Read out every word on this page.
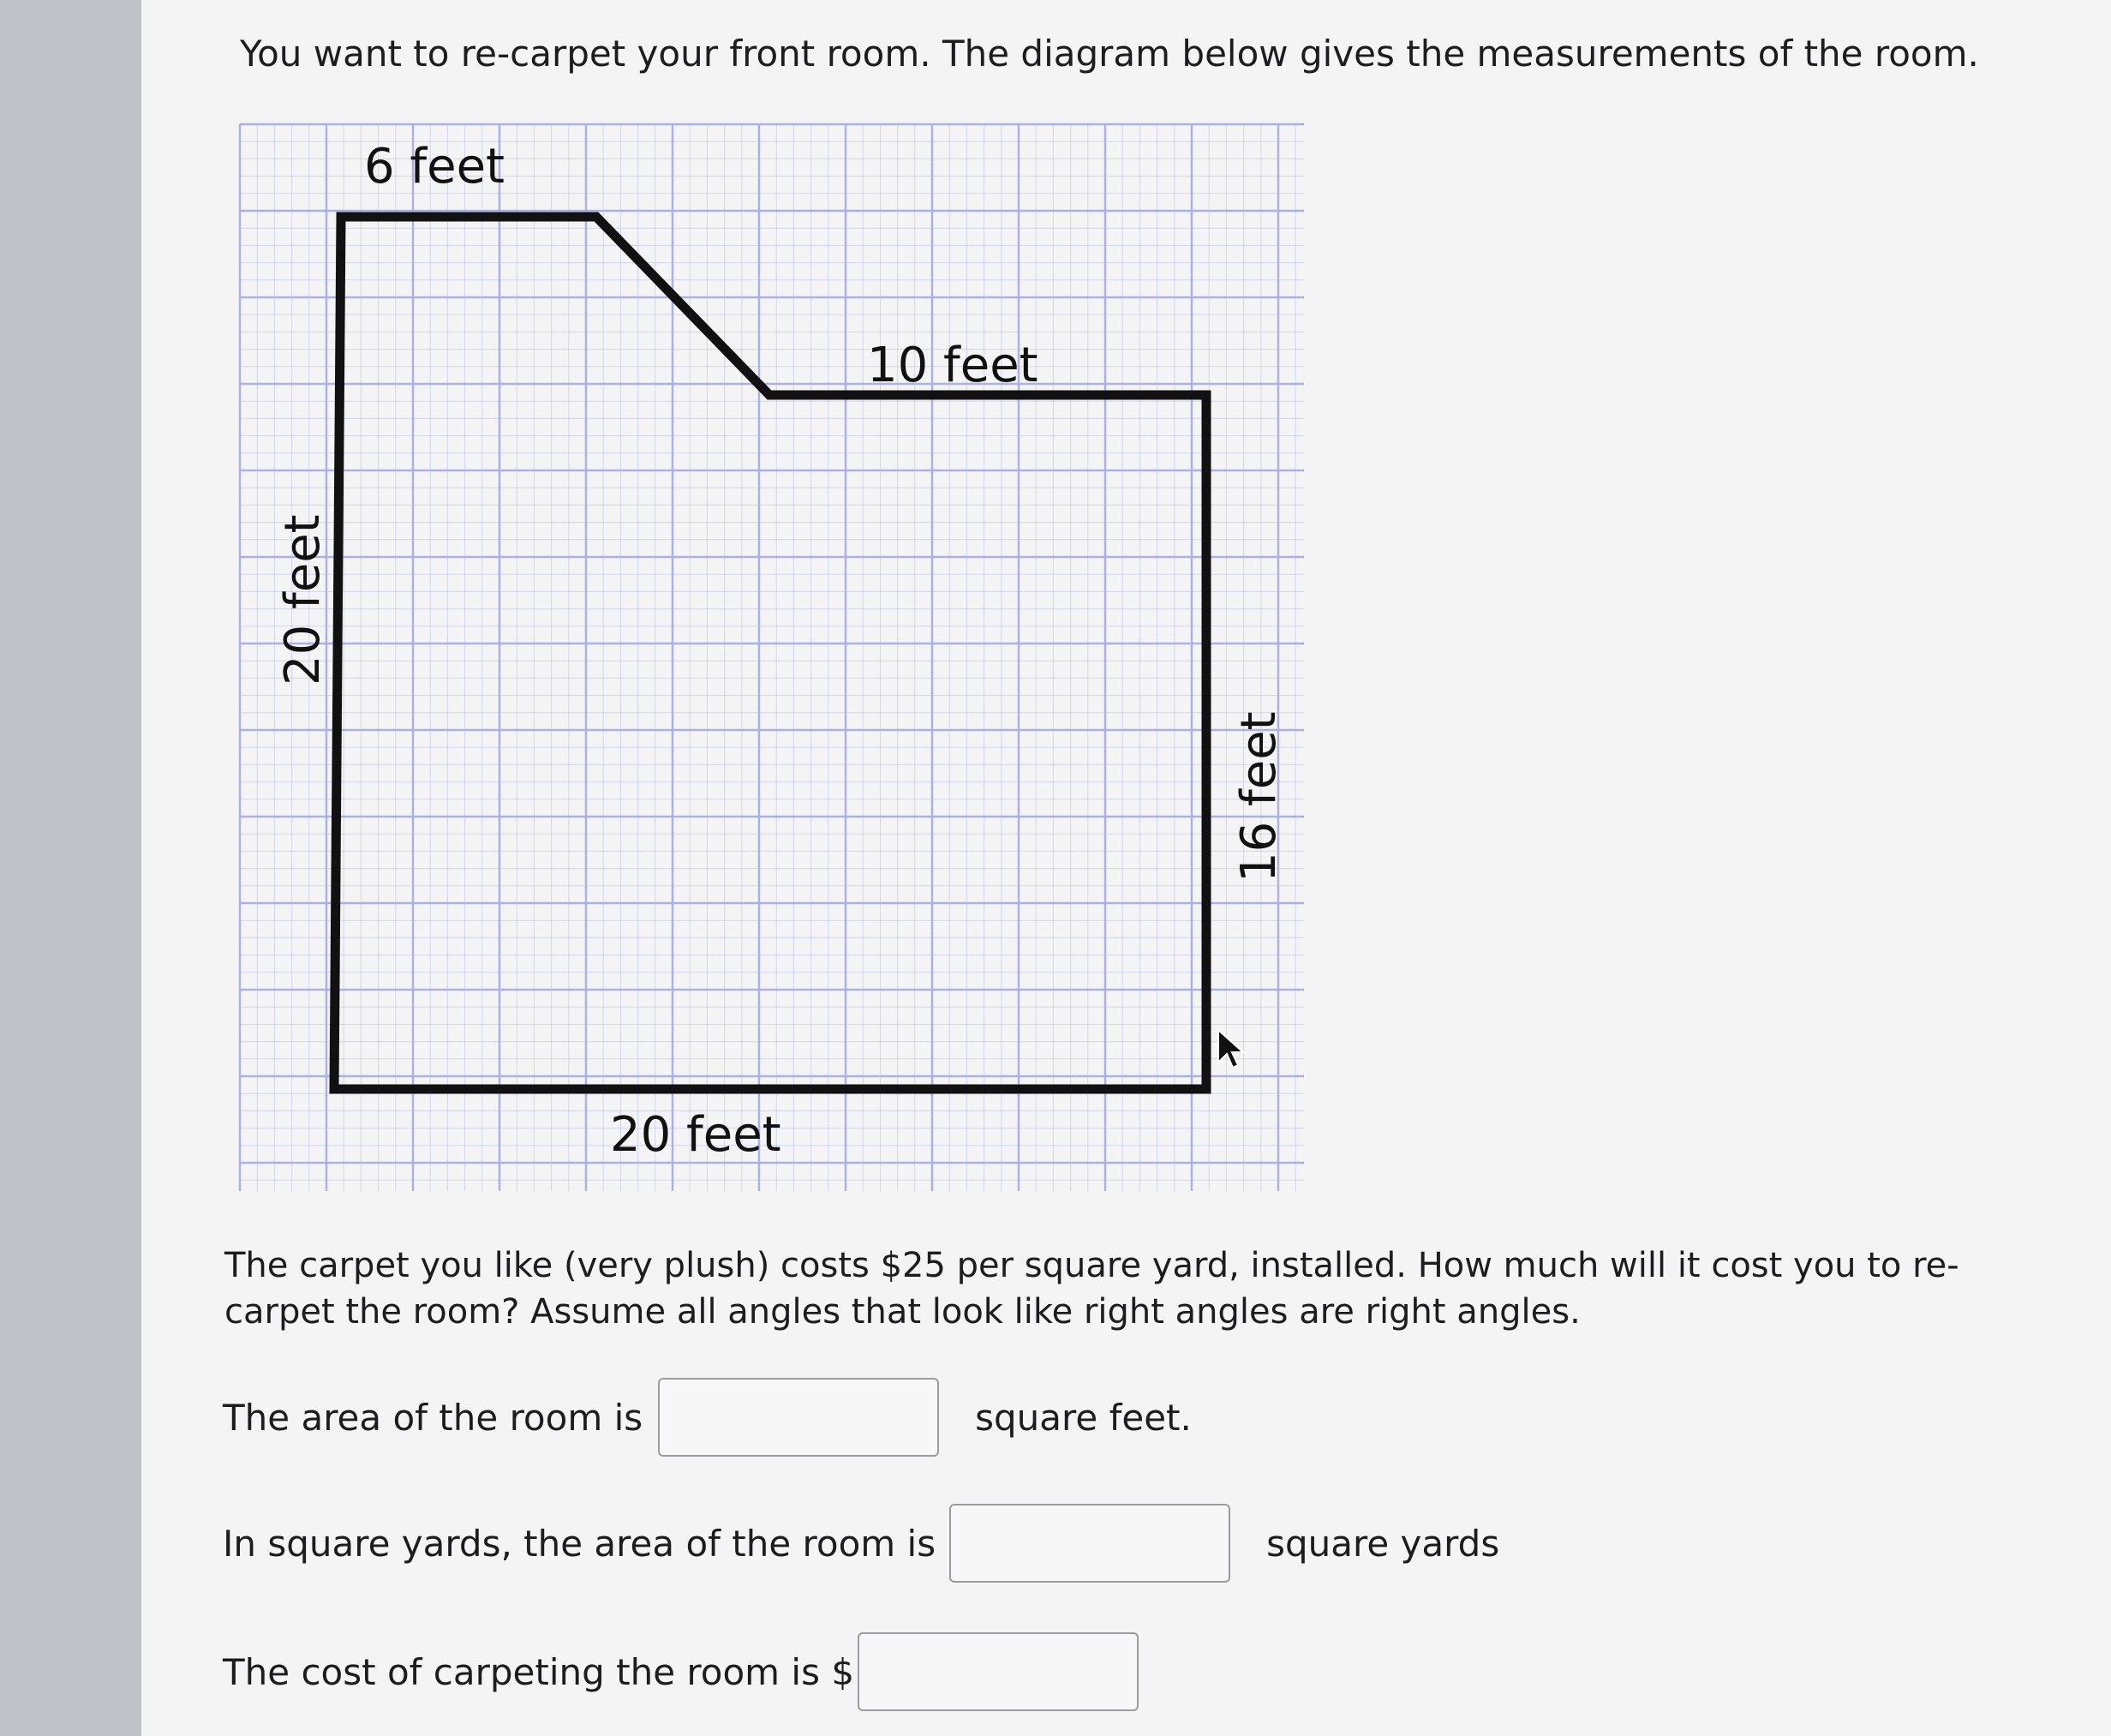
You want to re-carpet your front room. The diagram below gives the measurements of the room.
6 feet
10 feet
20 feet
20 feet
16 feet
The carpet you like (very plush) costs $25 per square yard, installed. How much will it cost you to re-carpet the room? Assume all angles that look like right angles are right angles.
The area of the room is	square feet.
In square yards, the area of the room is	square yards
The cost of carpeting the room is $
